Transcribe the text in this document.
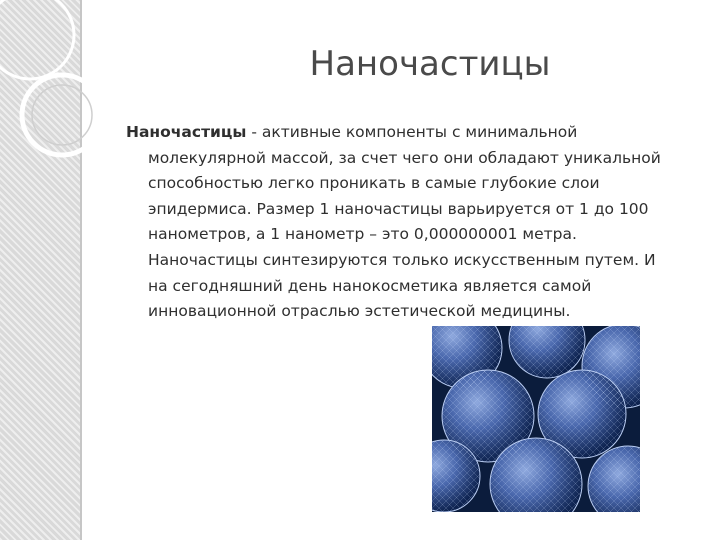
Наночастицы

Наночастицы - активные компоненты с минимальной молекулярной массой, за счет чего они обладают уникальной способностью легко проникать в самые глубокие слои эпидермиса. Размер 1 наночастицы варьируется от 1 до 100 нанометров, а 1 нанометр – это 0,000000001 метра. Наночастицы синтезируются только искусственным путем. И на сегодняшний день нанокосметика является самой инновационной отраслью эстетической медицины.
